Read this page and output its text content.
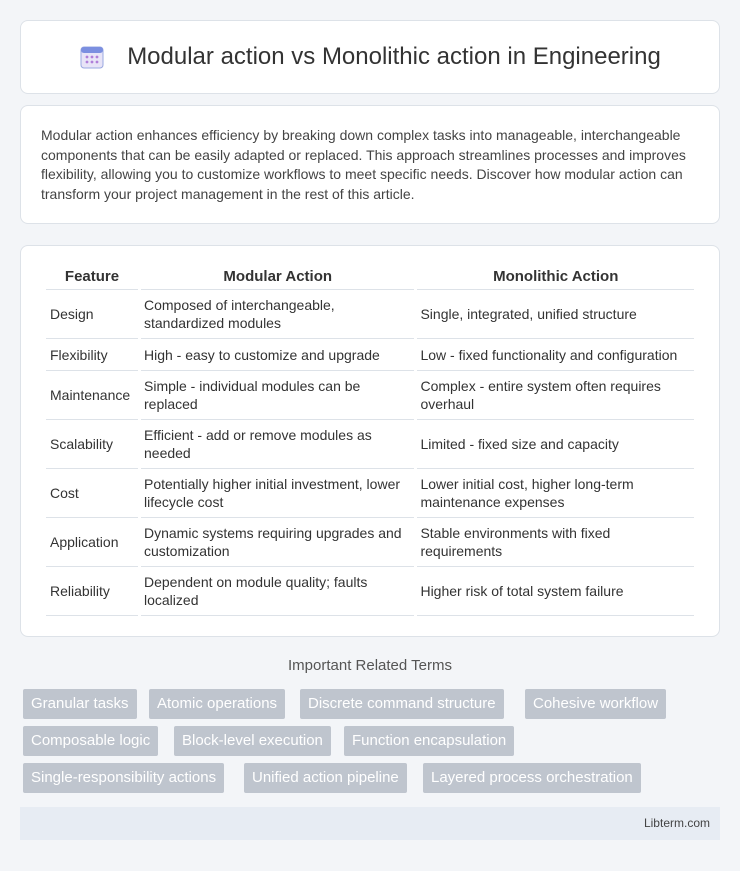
Modular action vs Monolithic action in Engineering

Modular action enhances efficiency by breaking down complex tasks into manageable, interchangeable components that can be easily adapted or replaced. This approach streamlines processes and improves flexibility, allowing you to customize workflows to meet specific needs. Discover how modular action can transform your project management in the rest of this article.

Feature	Modular Action	Monolithic Action
Design	Composed of interchangeable, standardized modules	Single, integrated, unified structure
Flexibility	High - easy to customize and upgrade	Low - fixed functionality and configuration
Maintenance	Simple - individual modules can be replaced	Complex - entire system often requires overhaul
Scalability	Efficient - add or remove modules as needed	Limited - fixed size and capacity
Cost	Potentially higher initial investment, lower lifecycle cost	Lower initial cost, higher long-term maintenance expenses
Application	Dynamic systems requiring upgrades and customization	Stable environments with fixed requirements
Reliability	Dependent on module quality; faults localized	Higher risk of total system failure
Important Related Terms
Granular tasks	Atomic operations	Discrete command structure	Cohesive workflow
Composable logic	Block-level execution	Function encapsulation
Single-responsibility actions	Unified action pipeline	Layered process orchestration
Libterm.com
